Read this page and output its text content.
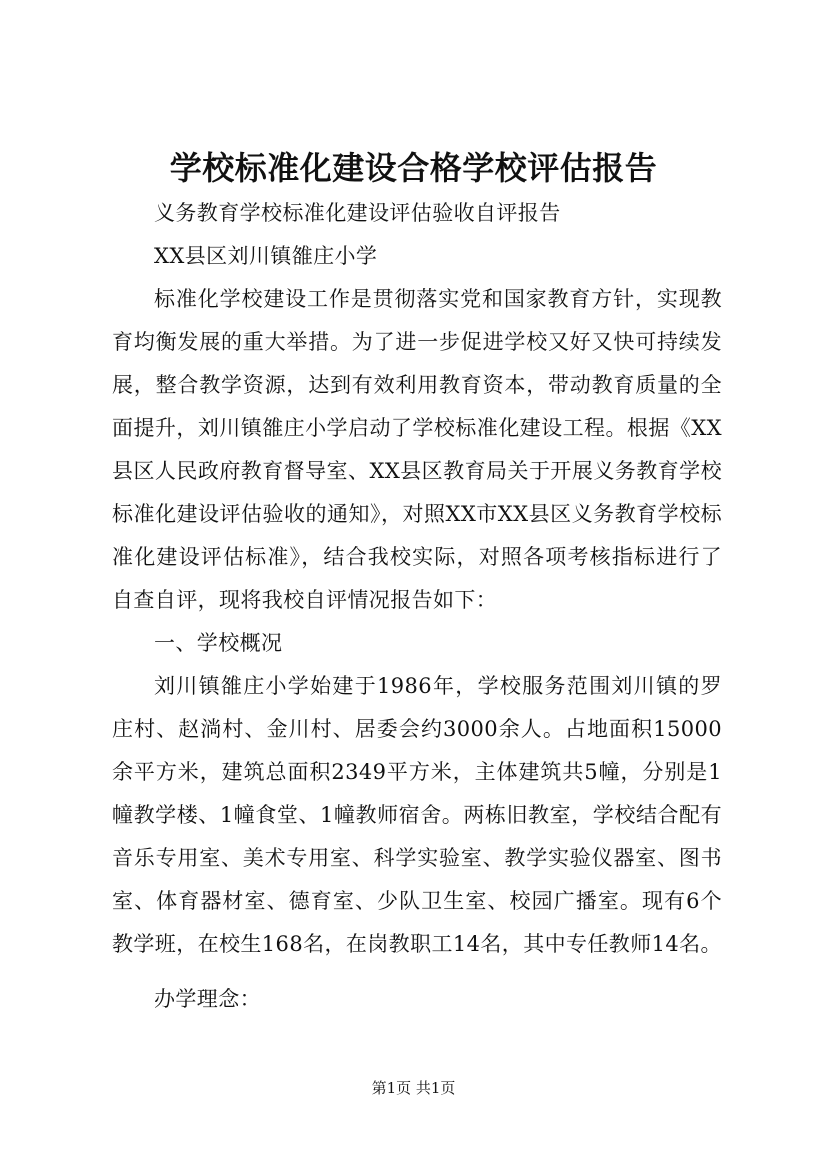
学校标准化建设合格学校评估报告

义务教育学校标准化建设评估验收自评报告

XX县区刘川镇雒庄小学

标准化学校建设工作是贯彻落实党和国家教育方针，实现教育均衡发展的重大举措。为了进一步促进学校又好又快可持续发展，整合教学资源，达到有效利用教育资本，带动教育质量的全面提升，刘川镇雒庄小学启动了学校标准化建设工程。根据《XX县区人民政府教育督导室、XX县区教育局关于开展义务教育学校标准化建设评估验收的通知》，对照XX市XX县区义务教育学校标准化建设评估标准》，结合我校实际，对照各项考核指标进行了自查自评，现将我校自评情况报告如下：

一、学校概况

刘川镇雒庄小学始建于1986年，学校服务范围刘川镇的罗庄村、赵淌村、金川村、居委会约3000余人。占地面积15000余平方米，建筑总面积2349平方米，主体建筑共5幢，分别是1幢教学楼、1幢食堂、1幢教师宿舍。两栋旧教室，学校结合配有音乐专用室、美术专用室、科学实验室、教学实验仪器室、图书室、体育器材室、德育室、少队卫生室、校园广播室。现有6个教学班，在校生168名，在岗教职工14名，其中专任教师14名。

办学理念：

第1页 共1页
